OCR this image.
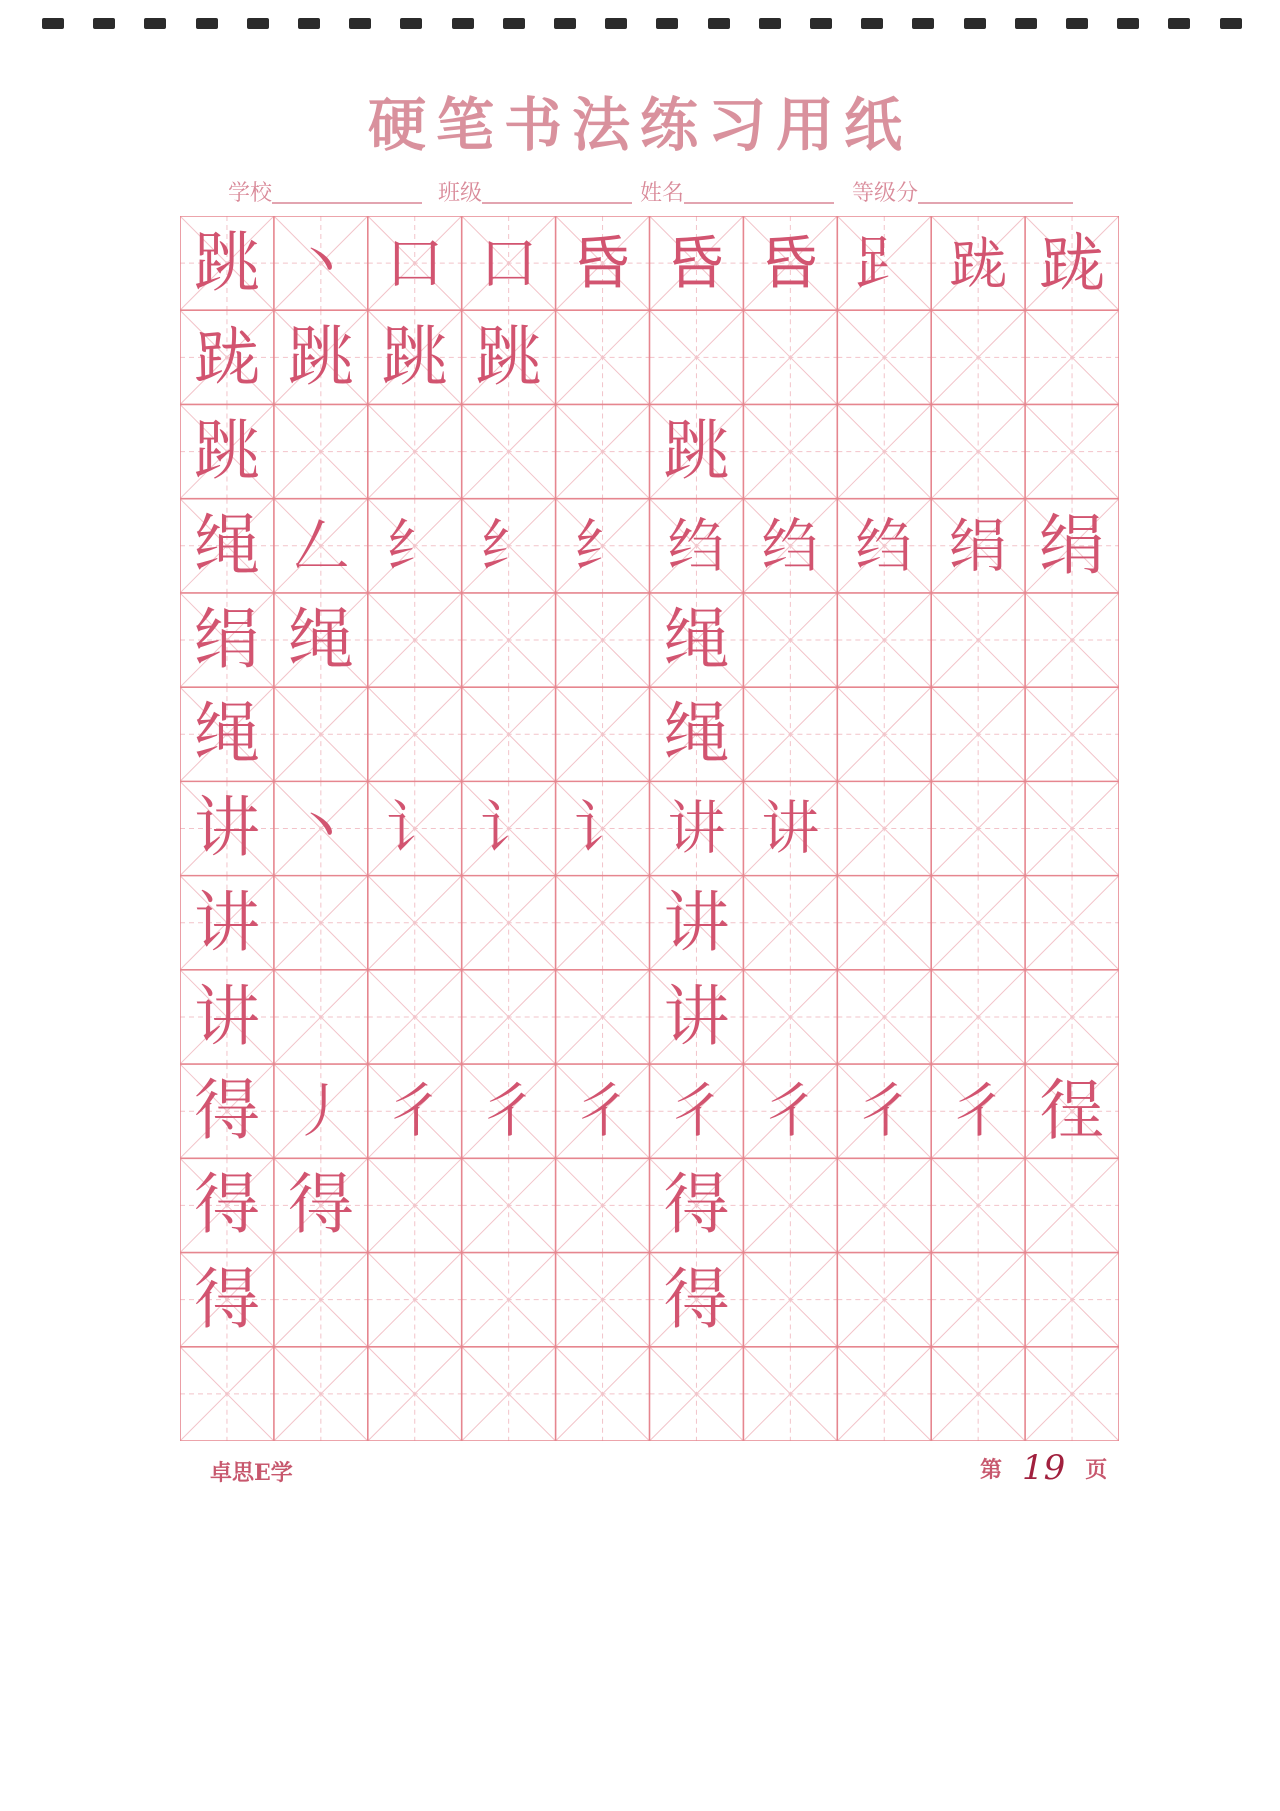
硬笔书法练习用纸
学校	班级	姓名	等级分
跳 丶 口 口 𠯑 𠯑 𠯑 𧾷 𨀁 𨀁
𨀁 跳 跳 跳
跳	跳
绳 𠃋 纟 纟 纟 绉 绉 绉 绢 绢
绢 绳	绳
绳	绳
讲 丶 讠 讠 讠 讲 讲
讲	讲
讲	讲
得 丿 彳 彳 彳 彳 彳 彳 彳 徎
得 得	得
得	得
卓思E学	第 19 页
